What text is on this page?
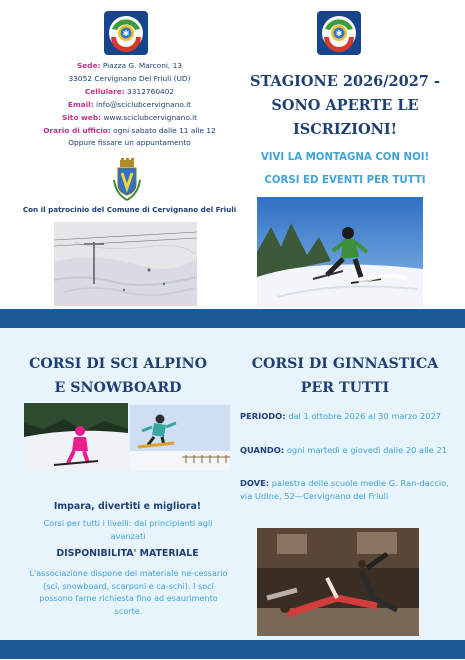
✱	✱
Sede: Piazza G. Marconi, 13
33052 Cervignano Del Friuli (UD)
Cellulare: 3312760402
Email: info@sciclubcervignano.it
Sito web: www.sciclubcervignano.it
Orario di ufficio: ogni sabato dalle 11 alle 12
Oppure fissare un appuntamento
Con il patrocinio del Comune di Cervignano del Friuli
STAGIONE 2026/2027 -
SONO APERTE LE
ISCRIZIONI!
VIVI LA MONTAGNA CON NOI!
CORSI ED EVENTI PER TUTTI
CORSI DI SCI ALPINO
E SNOWBOARD
CORSI DI GINNASTICA
PER TUTTI
Impara, divertiti e migliora!
Corsi per tutti i livelli: dai principianti agli avanzati
DISPONIBILITA' MATERIALE
L'associazione dispone del materiale ne-cessario (sci, snowboard, scarponi e ca-schi). I soci possono farne richiesta fino ad esaurimento scorte.
PERIODO: dal 1 ottobre 2026 al 30 marzo 2027
QUANDO: ogni martedì e giovedì dalle 20 alle 21
DOVE: palestra delle scuole medie G. Ran-daccio, via Udine, 52—Cervignano del Friuli
